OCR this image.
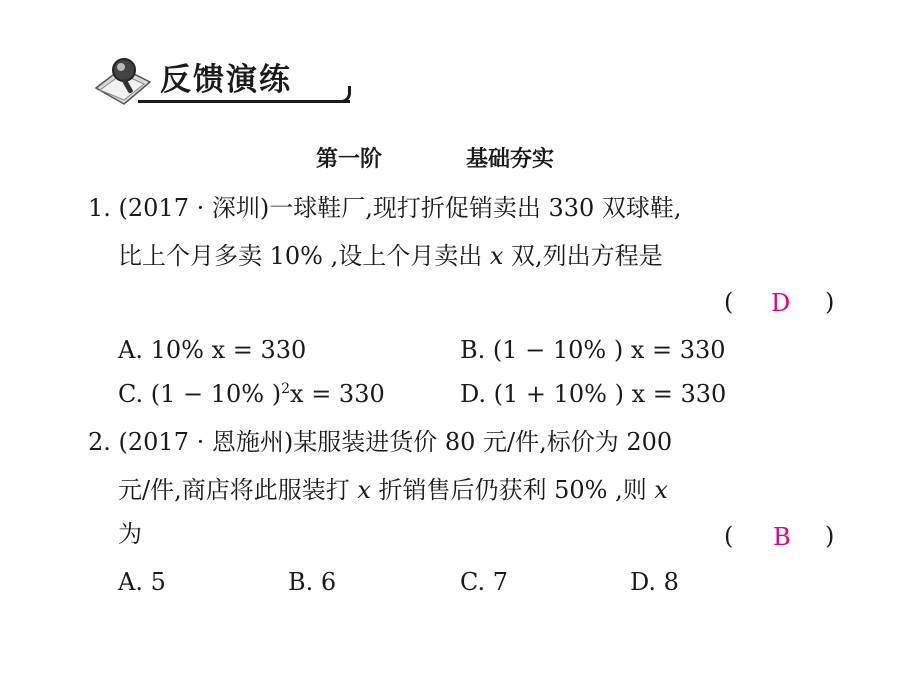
反馈演练
第一阶	基础夯实
1. (2017 · 深圳)一球鞋厂,现打折促销卖出 330 双球鞋,
比上个月多卖 10% ,设上个月卖出 x 双,列出方程是
( D )
A. 10% x = 330	B. (1 − 10% ) x = 330
C. (1 − 10% )$^2$x = 330	D. (1 + 10% ) x = 330
2. (2017 · 恩施州)某服装进货价 80 元/件,标价为 200
元/件,商店将此服装打 x 折销售后仍获利 50% ,则 x
为	( B )
A. 5	B. 6	C. 7	D. 8
